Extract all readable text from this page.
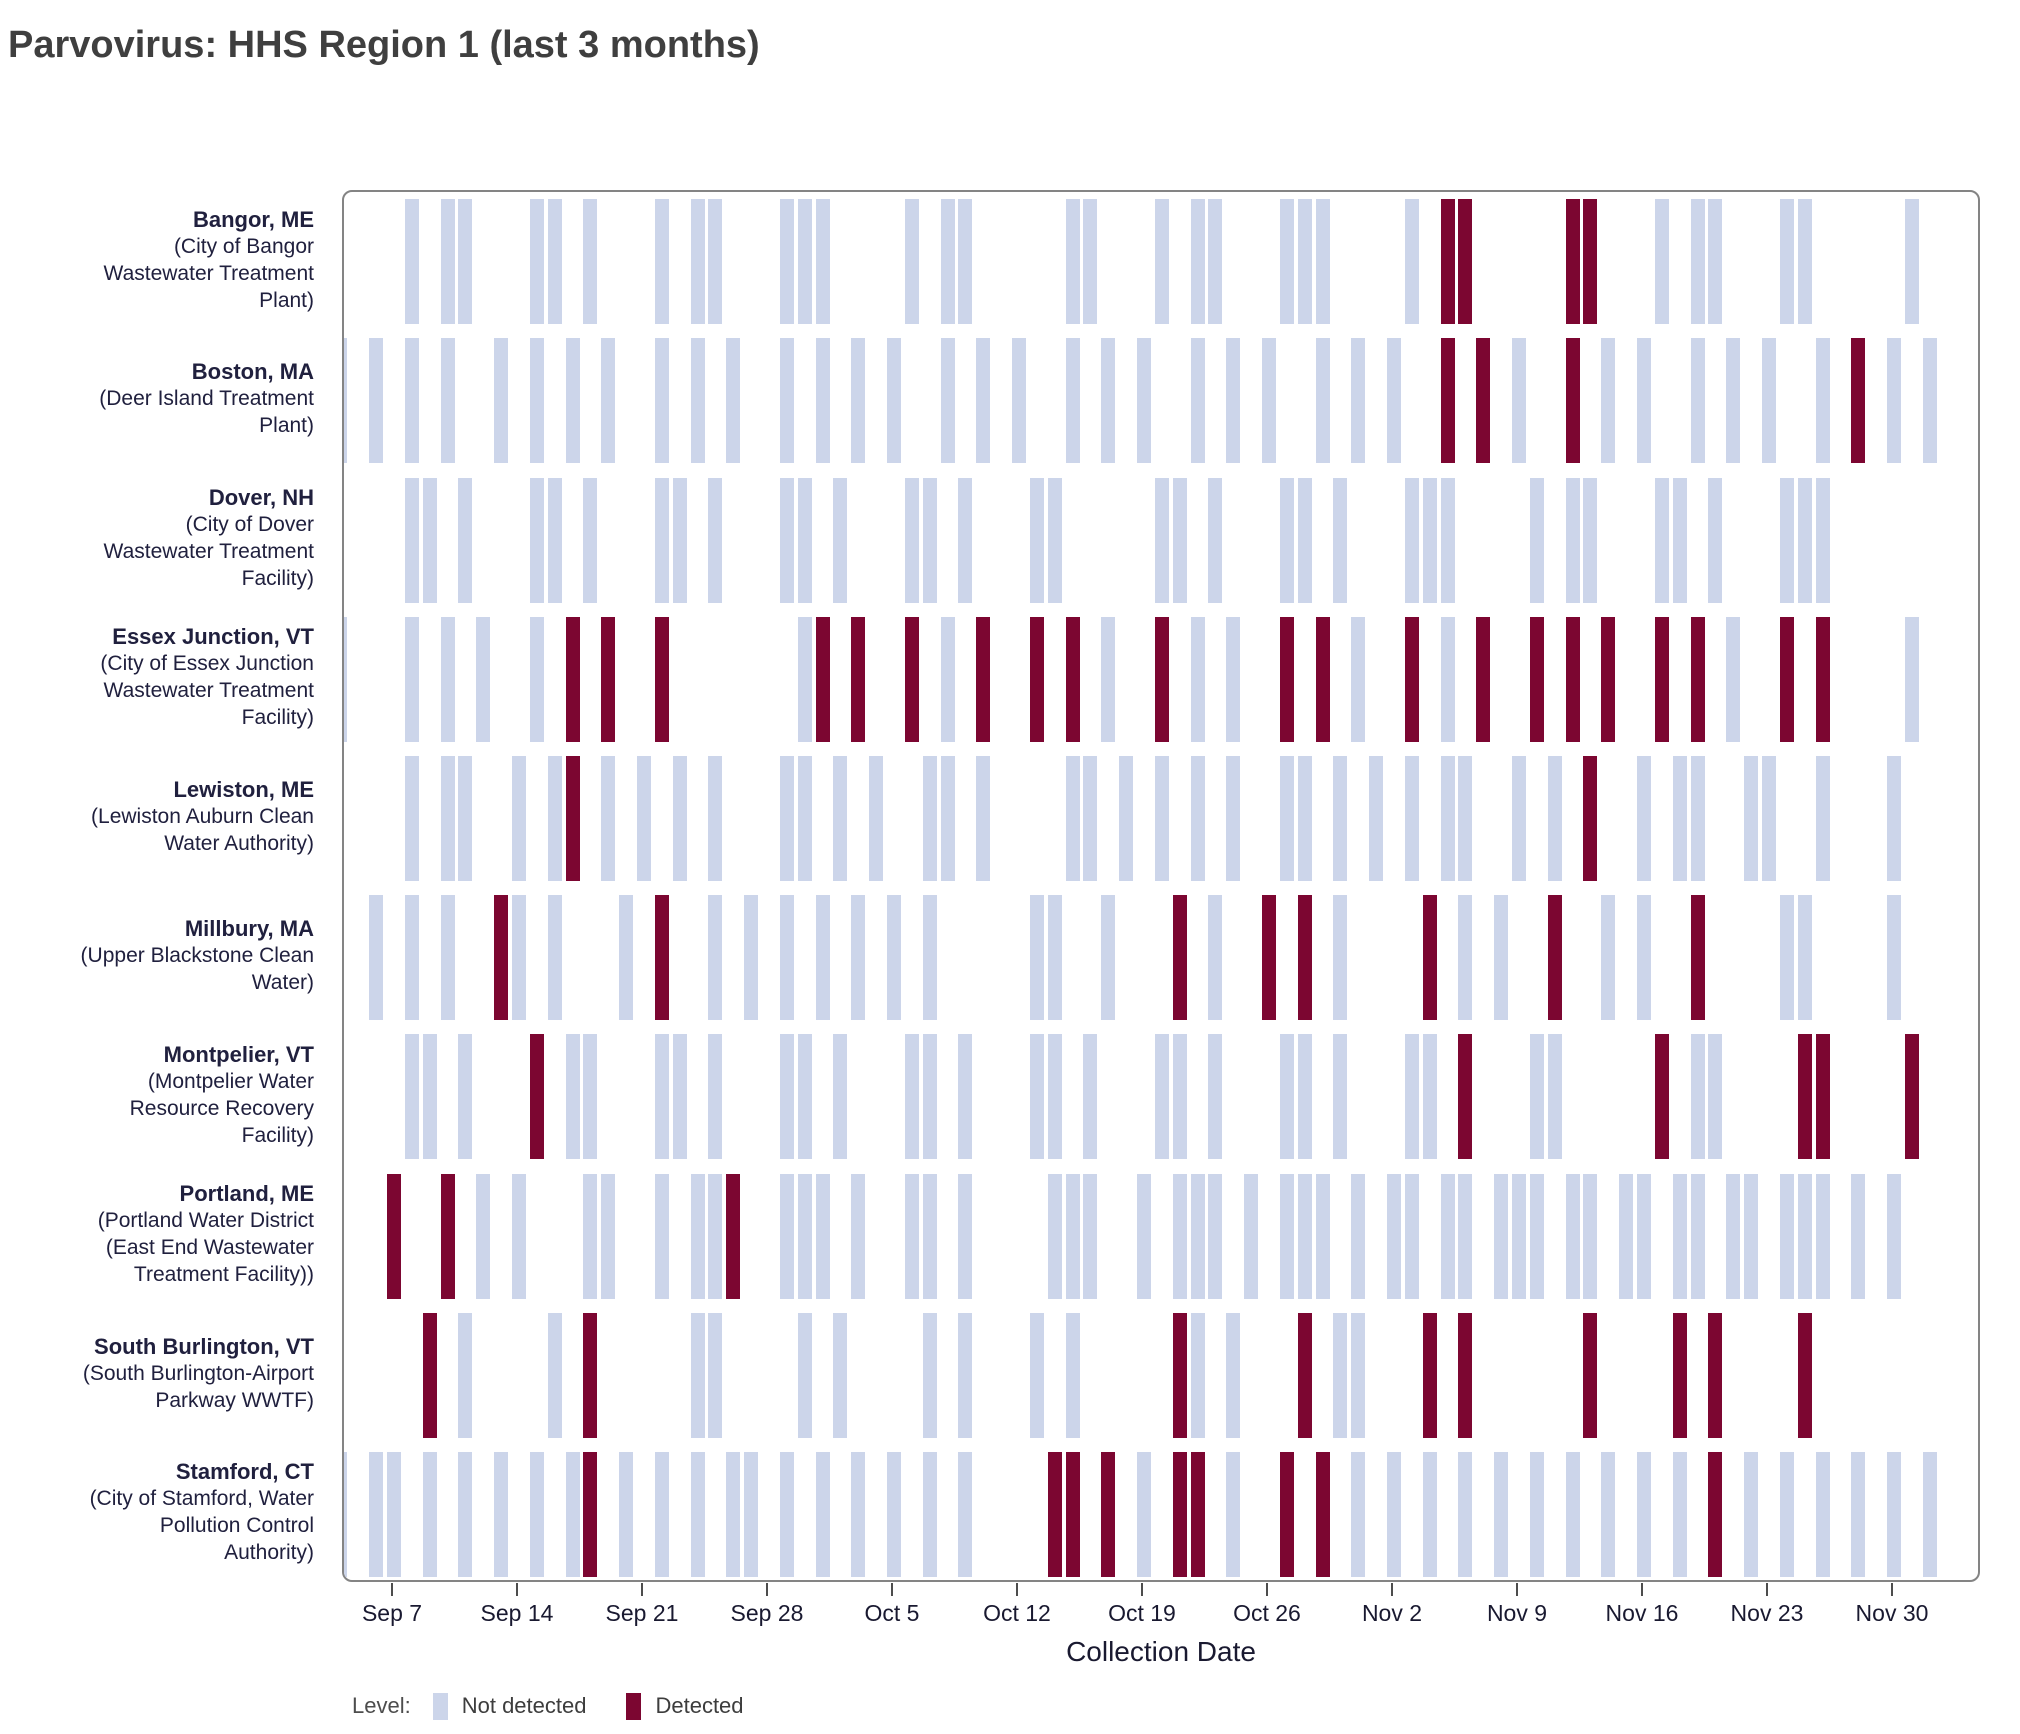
Parvovirus: HHS Region 1 (last 3 months)
Bangor, ME
(City of Bangor
Wastewater Treatment
Plant)
Boston, MA
(Deer Island Treatment
Plant)
Dover, NH
(City of Dover
Wastewater Treatment
Facility)
Essex Junction, VT
(City of Essex Junction
Wastewater Treatment
Facility)
Lewiston, ME
(Lewiston Auburn Clean
Water Authority)
Millbury, MA
(Upper Blackstone Clean
Water)
Montpelier, VT
(Montpelier Water
Resource Recovery
Facility)
Portland, ME
(Portland Water District
(East End Wastewater
Treatment Facility))
South Burlington, VT
(South Burlington-Airport
Parkway WWTF)
Stamford, CT
(City of Stamford, Water
Pollution Control
Authority)
Sep 7	Sep 14	Sep 21	Sep 28	Oct 5	Oct 12	Oct 19	Oct 26	Nov 2	Nov 9	Nov 16	Nov 23	Nov 30
Collection Date
Level: Not detected	Detected
